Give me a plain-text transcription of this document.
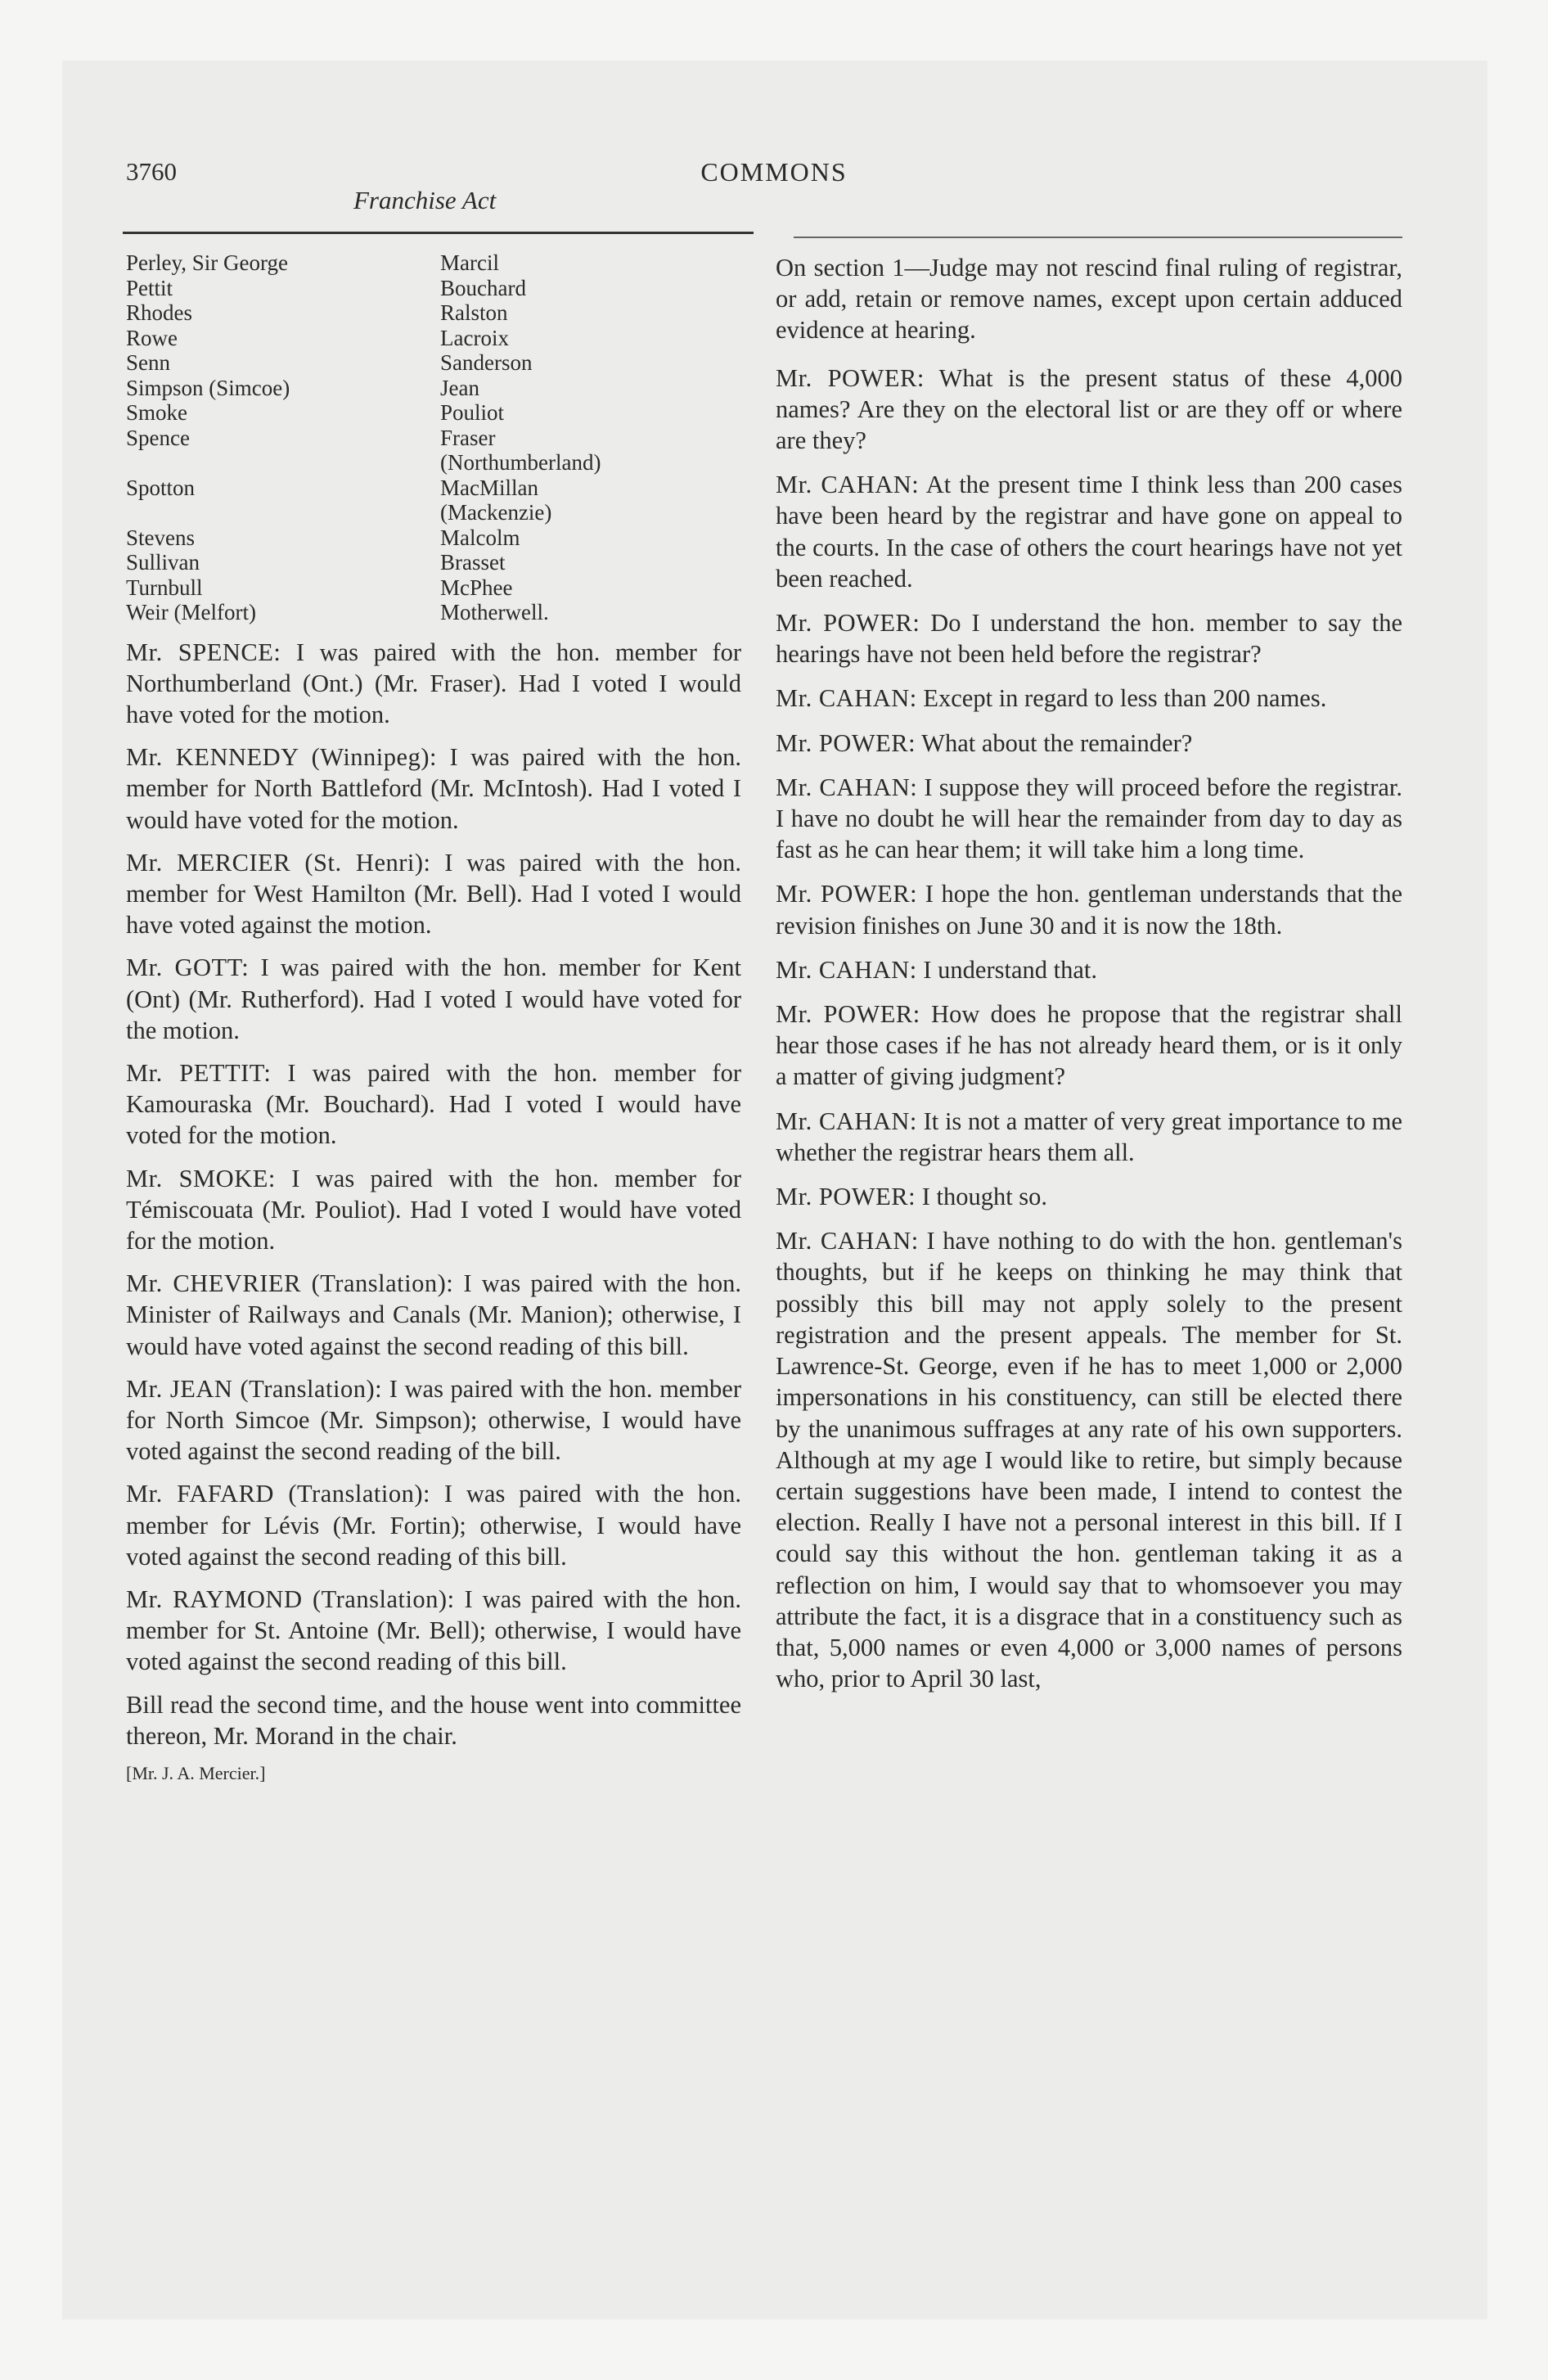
3760	COMMONS
Franchise Act
Perley, Sir George
Pettit
Rhodes
Rowe
Senn
Simpson (Simcoe)
Smoke
Spence
Spotton
Stevens
Sullivan
Turnbull
Weir (Melfort)
Marcil
Bouchard
Ralston
Lacroix
Sanderson
Jean
Pouliot
Fraser
(Northumberland)
MacMillan
(Mackenzie)
Malcolm
Brasset
McPhee
Motherwell.

Mr. SPENCE: I was paired with the hon. member for Northumberland (Ont.) (Mr. Fraser). Had I voted I would have voted for the motion.

Mr. KENNEDY (Winnipeg): I was paired with the hon. member for North Battleford (Mr. McIntosh). Had I voted I would have voted for the motion.

Mr. MERCIER (St. Henri): I was paired with the hon. member for West Hamilton (Mr. Bell). Had I voted I would have voted against the motion.

Mr. GOTT: I was paired with the hon. member for Kent (Ont) (Mr. Rutherford). Had I voted I would have voted for the motion.

Mr. PETTIT: I was paired with the hon. member for Kamouraska (Mr. Bouchard). Had I voted I would have voted for the motion.

Mr. SMOKE: I was paired with the hon. member for Témiscouata (Mr. Pouliot). Had I voted I would have voted for the motion.

Mr. CHEVRIER (Translation): I was paired with the hon. Minister of Railways and Canals (Mr. Manion); otherwise, I would have voted against the second reading of this bill.

Mr. JEAN (Translation): I was paired with the hon. member for North Simcoe (Mr. Simpson); otherwise, I would have voted against the second reading of the bill.

Mr. FAFARD (Translation): I was paired with the hon. member for Lévis (Mr. Fortin); otherwise, I would have voted against the second reading of this bill.

Mr. RAYMOND (Translation): I was paired with the hon. member for St. Antoine (Mr. Bell); otherwise, I would have voted against the second reading of this bill.

Bill read the second time, and the house went into committee thereon, Mr. Morand in the chair.

[Mr. J. A. Mercier.]

On section 1—Judge may not rescind final ruling of registrar, or add, retain or remove names, except upon certain adduced evidence at hearing.

Mr. POWER: What is the present status of these 4,000 names? Are they on the electoral list or are they off or where are they?

Mr. CAHAN: At the present time I think less than 200 cases have been heard by the registrar and have gone on appeal to the courts. In the case of others the court hearings have not yet been reached.

Mr. POWER: Do I understand the hon. member to say the hearings have not been held before the registrar?

Mr. CAHAN: Except in regard to less than 200 names.

Mr. POWER: What about the remainder?

Mr. CAHAN: I suppose they will proceed before the registrar. I have no doubt he will hear the remainder from day to day as fast as he can hear them; it will take him a long time.

Mr. POWER: I hope the hon. gentleman understands that the revision finishes on June 30 and it is now the 18th.

Mr. CAHAN: I understand that.

Mr. POWER: How does he propose that the registrar shall hear those cases if he has not already heard them, or is it only a matter of giving judgment?

Mr. CAHAN: It is not a matter of very great importance to me whether the registrar hears them all.

Mr. POWER: I thought so.

Mr. CAHAN: I have nothing to do with the hon. gentleman's thoughts, but if he keeps on thinking he may think that possibly this bill may not apply solely to the present registration and the present appeals. The member for St. Lawrence-St. George, even if he has to meet 1,000 or 2,000 impersonations in his constituency, can still be elected there by the unanimous suffrages at any rate of his own supporters. Although at my age I would like to retire, but simply because certain suggestions have been made, I intend to contest the election. Really I have not a personal interest in this bill. If I could say this without the hon. gentleman taking it as a reflection on him, I would say that to whomsoever you may attribute the fact, it is a disgrace that in a constituency such as that, 5,000 names or even 4,000 or 3,000 names of persons who, prior to April 30 last,
